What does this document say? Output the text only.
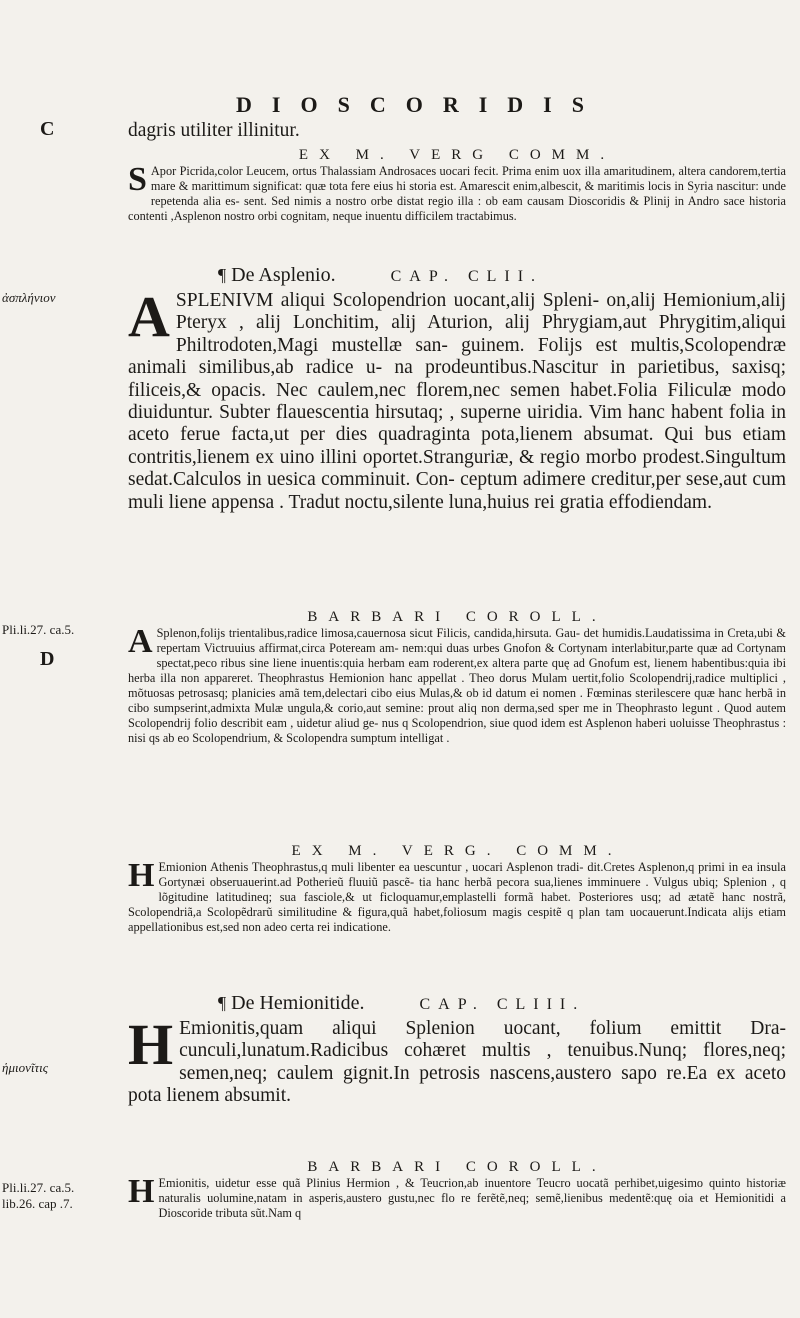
DIOSCORIDIS
C
ἀσπλήνιον
Pli.li.27. ca.5.
D
ἡμιονῖτις
Pli.li.27. ca.5.
lib.26. cap .7.
dagris utiliter illinitur.
EX M. VERG COMM.
S Apor Picrida,color Leucem, ortus Thalassiam Androsaces uocari fecit. Prima enim uox illa amaritudinem, altera candorem,tertia mare & marittimum significat: quæ tota fere eius hi storia est. Amarescit enim,albescit, & maritimis locis in Syria nascitur: unde repetenda alia es- sent. Sed nimis a nostro orbe distat regio illa : ob eam causam Dioscoridis & Plinij in Andro sace historia contenti ,Asplenon nostro orbi cognitam, neque inuentu difficilem tractabimus.
¶ De Asplenio.	CAP. CLII.
A SPLENIVM aliqui Scolopendrion uocant,alij Spleni- on,alij Hemionium,alij Pteryx , alij Lonchitim, alij Aturion, alij Phrygiam,aut Phrygitim,aliqui Philtrodoten,Magi mustellæ san- guinem. Folijs est multis,Scolopendræ animali similibus,ab radice u- na prodeuntibus.Nascitur in parietibus, saxisq; filiceis,& opacis. Nec caulem,nec florem,nec semen habet.Folia Filiculæ modo diuiduntur. Subter flauescentia hirsutaq; , superne uiridia. Vim hanc habent folia in aceto ferue facta,ut per dies quadraginta pota,lienem absumat. Qui bus etiam contritis,lienem ex uino illini oportet.Stranguriæ, & regio morbo prodest.Singultum sedat.Calculos in uesica comminuit. Con- ceptum adimere creditur,per sese,aut cum muli liene appensa . Tradut noctu,silente luna,huius rei gratia effodiendam.
BARBARI COROLL.
A Splenon,folijs trientalibus,radice limosa,cauernosa sicut Filicis, candida,hirsuta. Gau- det humidis.Laudatissima in Creta,ubi & repertam Victruuius affirmat,circa Poteream am- nem:qui duas urbes Gnofon & Cortynam interlabitur,parte quæ ad Cortynam spectat,peco ribus sine liene inuentis:quia herbam eam roderent,ex altera parte quę ad Gnofum est, lienem habentibus:quia ibi herba illa non appareret. Theophrastus Hemionion hanc appellat . Theo dorus Mulam uertit,folio Scolopendrij,radice multiplici , mõtuosas petrosasq; planicies amã tem,delectari cibo eius Mulas,& ob id datum ei nomen . Fœminas sterilescere quæ hanc herbã in cibo sumpserint,admixta Mulæ ungula,& corio,aut semine: prout aliq non derma,sed sper me in Theophrasto legunt . Quod autem Scolopendrij folio describit eam , uidetur aliud ge- nus q Scolopendrion, siue quod idem est Asplenon haberi uoluisse Theophrastus : nisi qs ab eo Scolopendrium, & Scolopendra sumptum intelligat .
EX M. VERG. COMM.
H Emionion Athenis Theophrastus,q muli libenter ea uescuntur , uocari Asplenon tradi- dit.Cretes Asplenon,q primi in ea insula Gortynæi obseruauerint.ad Potherieũ fluuiũ pascẽ- tia hanc herbã pecora sua,lienes imminuere . Vulgus ubiq; Splenion , q lõgitudine latitudineq; sua fasciole,& ut ficloquamur,emplastelli formã habet. Posteriores usq; ad ætatẽ hanc nostrã, Scolopendriã,a Scolopẽdrarũ similitudine & figura,quã habet,foliosum magis cespitẽ q plan tam uocauerunt.Indicata alijs etiam appellationibus est,sed non adeo certa rei indicatione.
¶ De Hemionitide.	CAP. CLIII.
H Emionitis,quam aliqui Splenion uocant, folium emittit Dra- cunculi,lunatum.Radicibus cohæret multis , tenuibus.Nunq; flores,neq; semen,neq; caulem gignit.In petrosis nascens,austero sapo re.Ea ex aceto pota lienem absumit.
BARBARI COROLL.
H Emionitis, uidetur esse quã Plinius Hermion , & Teucrion,ab inuentore Teucro uocatã perhibet,uigesimo quinto historiæ naturalis uolumine,natam in asperis,austero gustu,nec flo re ferẽtẽ,neq; semẽ,lienibus medentẽ:quę oia et Hemionitidi a Dioscoride tributa sũt.Nam q
